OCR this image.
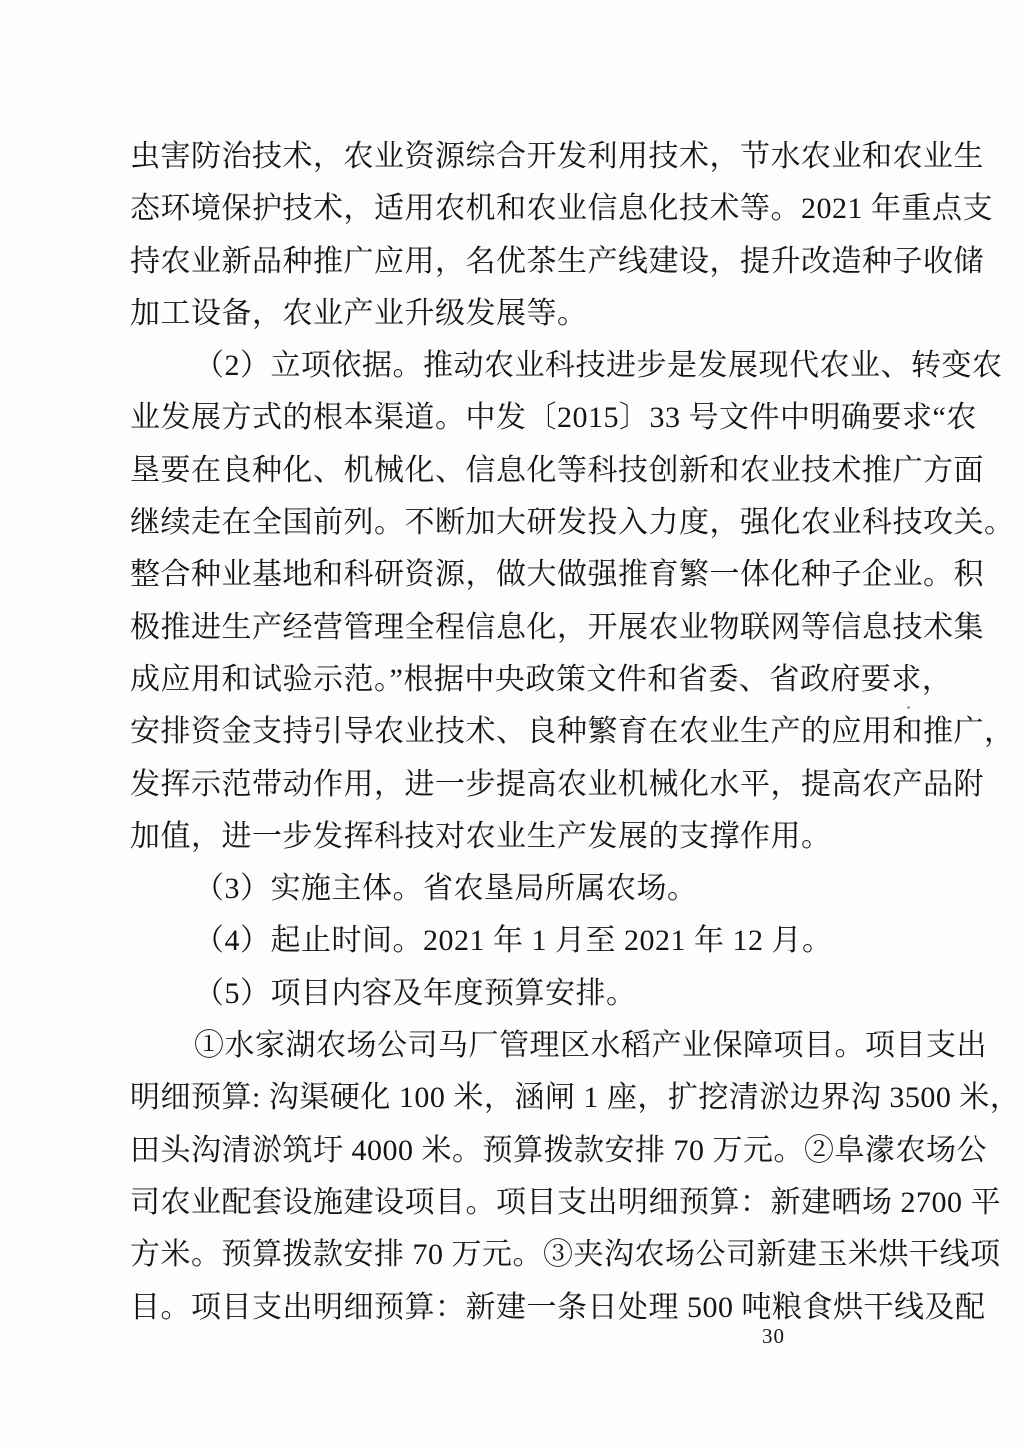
虫害防治技术，农业资源综合开发利用技术，节水农业和农业生
态环境保护技术，适用农机和农业信息化技术等。2021 年重点支
持农业新品种推广应用，名优茶生产线建设，提升改造种子收储
加工设备，农业产业升级发展等。
（2）立项依据。推动农业科技进步是发展现代农业、转变农
业发展方式的根本渠道。中发〔2015〕33 号文件中明确要求“农
垦要在良种化、机械化、信息化等科技创新和农业技术推广方面
继续走在全国前列。不断加大研发投入力度，强化农业科技攻关。
整合种业基地和科研资源，做大做强推育繁一体化种子企业。积
极推进生产经营管理全程信息化，开展农业物联网等信息技术集
成应用和试验示范。”根据中央政策文件和省委、省政府要求，
安排资金支持引导农业技术、良种繁育在农业生产的应用和推广，
发挥示范带动作用，进一步提高农业机械化水平，提高农产品附
加值，进一步发挥科技对农业生产发展的支撑作用。
（3）实施主体。省农垦局所属农场。
（4）起止时间。2021 年 1 月至 2021 年 12 月。
（5）项目内容及年度预算安排。
①水家湖农场公司马厂管理区水稻产业保障项目。项目支出
明细预算: 沟渠硬化 100 米，涵闸 1 座，扩挖清淤边界沟 3500 米，
田头沟清淤筑圩 4000 米。预算拨款安排 70 万元。②阜濛农场公
司农业配套设施建设项目。项目支出明细预算：新建晒场 2700 平
方米。预算拨款安排 70 万元。③夹沟农场公司新建玉米烘干线项
目。项目支出明细预算：新建一条日处理 500 吨粮食烘干线及配
30
